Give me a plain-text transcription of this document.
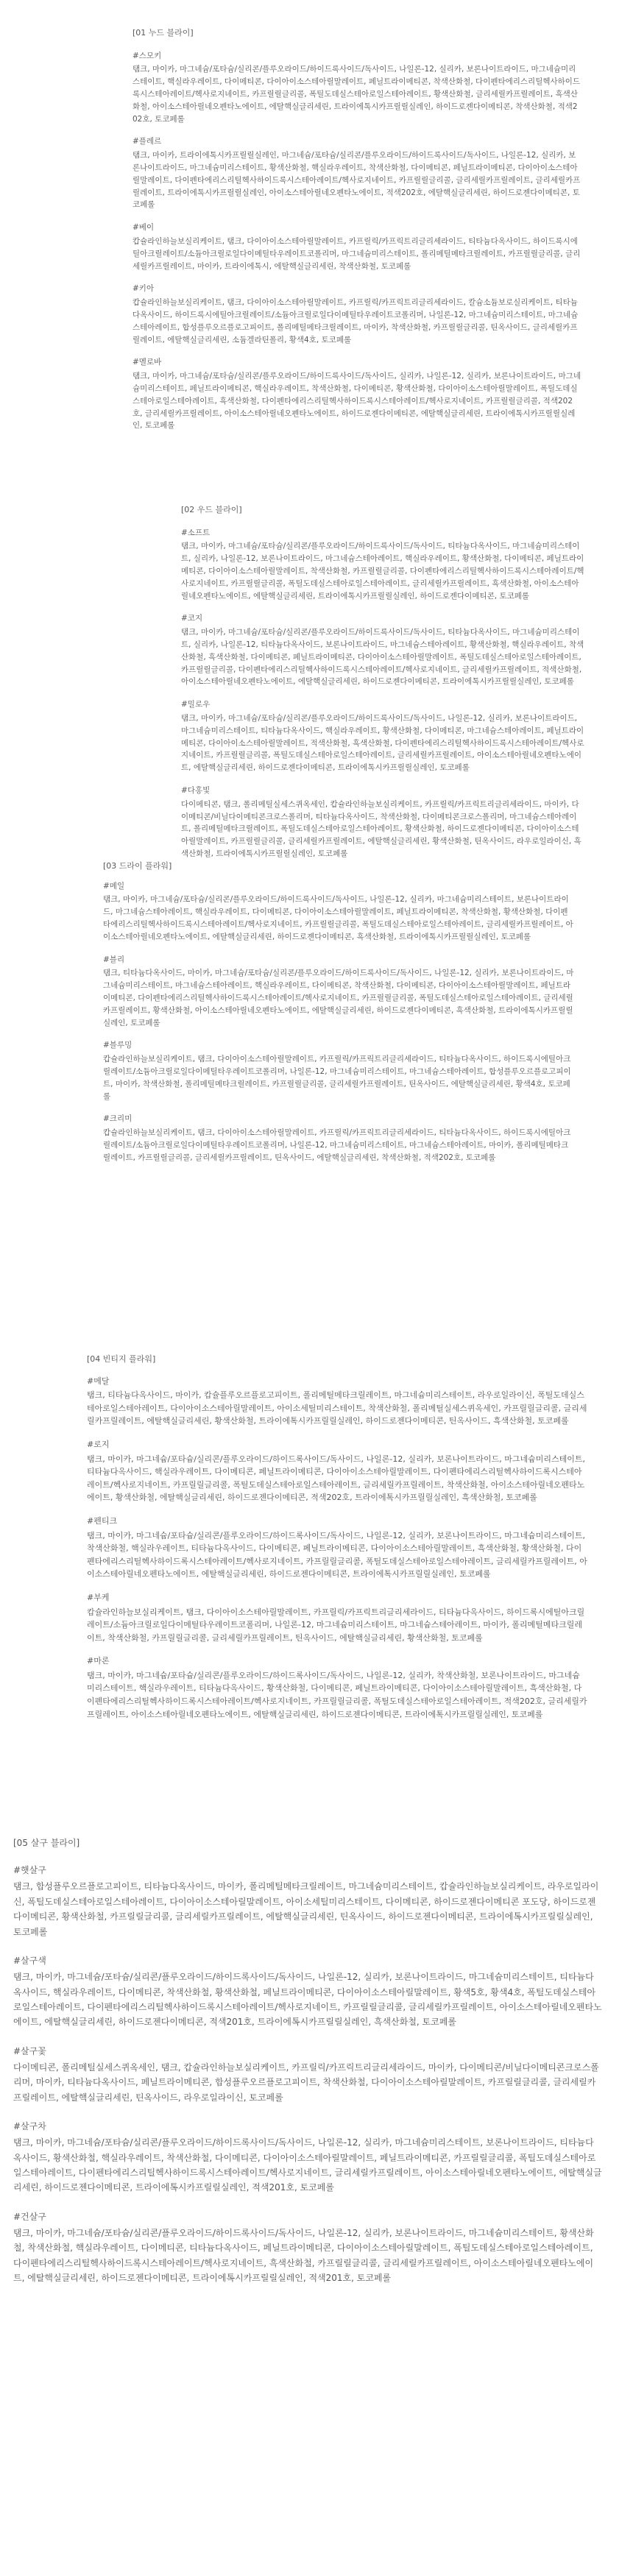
[01 누드 블라이]
#스모키
탬크, 마이카, 마그네슘/포타슘/실리콘/플루오라이드/하이드록사이드/독사이드, 나일론-12, 실리카, 보론나이트라이드, 마그네슘미리스테이트, 핵실라우레이트, 다이메티콘, 다이아이소스테아릴말레이트, 페닐트라이메티콘, 착색산화철, 다이펜타에리스리틸헥사하이드록시스테아레이트/헥사로지네이트, 카프릴릴글리콜, 폭틸도데실스테아로일스테아레이트, 황색산화철, 글리세릴카프릴레이트, 흑색산화철, 아이소스테아릴네오펜타노에이트, 에탈핵실글리세린, 트라이에톡시카프릴릴실레인, 하이드로젠다이메티콘, 착색산화철, 적색202호, 토코페롤
#플레르
탬크, 마이카, 트라이에톡시카프릴릴실레인, 마그네슘/포타슘/실리콘/플루오라이드/하이드록사이드/독사이드, 나일론-12, 실리카, 보론나이트라이드, 마그네슘미리스테이트, 황색산화철, 핵실라우레이트, 착색산화철, 다이메티콘, 페닐트라이메티콘, 다이아이소스테아릴말레이트, 다이펜타에리스리틸헥사하이드록시스테아레이트/헥사로지네이트, 카프릴릴글리콜, 글리세릴카프릴레이트, 글리세릴카프릴레이트, 트라이에톡시카프릴릴실레인, 아이소스테아릴네오펜타노에이트, 적색202호, 에탈핵실글리세린, 하이드로젠다이메티콘, 토코페롤
#베이
캅슐라인하늘보실리케이트, 탬크, 다이아이소스테아릴말레이트, 카프릴릭/카프릭트리글리세라이드, 티타늄다옥사이드, 하이드록시에틸아크릴레이트/소듐아크릴로일다이메틸타우레이트코폴리머, 마그네슘미리스테이트, 폴리메틸메타크릴레이트, 카프릴릴글리콜, 글리세릴카프릴레이트, 마이카, 트라이에톡시, 에탈핵실글리세린, 착색산화철, 토코페롤
#키아
캅슐라인하늘보실리케이트, 탬크, 다이아이소스테아릴말레이트, 카프릴릭/카프릭트리글리세라이드, 칼슘소듐보로실리케이트, 티타늄다옥사이드, 하이드록시에틸아크릴레이트/소듐아크릴로일다이메틸타우레이트코폴리머, 나일론-12, 마그네슘미리스테이트, 마그네슘스테아레이트, 합성플루오르플로고피이트, 폴리메틸메타크릴레이트, 마이카, 착색산화철, 카프릴릴글리콜, 틴옥사이드, 글리세릴카프릴레이트, 에탈핵실글리세린, 소듐겔라틴폴리, 황색4호, 토코페롤
#멜로바
탬크, 마이카, 마그네슘/포타슘/실리콘/플루오라이드/하이드록사이드/독사이드, 실리카, 나일론-12, 실리카, 보론나이트라이드, 마그네슘미리스테이트, 페닐트라이메티콘, 핵실라우레이트, 착색산화철, 다이메티콘, 황색산화철, 다이아이소스테아릴말레이트, 폭틸도데실스테아로일스테아레이트, 흑색산화철, 다이펜타에리스리틸헥사하이드록시스테아레이트/헥사로지네이트, 카프릴릴글리콜, 적색202호, 글리세릴카프릴레이트, 아이소스테아릴네오펜타노에이트, 하이드로젠다이메티콘, 에탈핵실글리세린, 트라이에톡시카프릴릴실레인, 토코페롤
[02 우드 블라이]
#소프트
탬크, 마이카, 마그네슘/포타슘/실리콘/플루오라이드/하이드록사이드/독사이드, 티타늄다옥사이드, 마그네슘미리스테이트, 실리카, 나일론-12, 보론나이트라이드, 마그네슘스테아레이트, 핵실라우레이트, 황색산화철, 다이메티콘, 페닐트라이메티콘, 다이아이소스테아릴말레이트, 착색산화철, 카프릴릴글리콜, 다이펜타에리스리틸헥사하이드록시스테아레이트/헥사로지네이트, 카프릴릴글리콜, 폭틸도데실스테아로일스테아레이트, 글리세릴카프릴레이트, 흑색산화철, 아이소스테아릴네오펜타노에이트, 에탈핵실글리세린, 트라이에톡시카프릴릴실레인, 하이드로젠다이메티콘, 토코페롤
#코지
탬크, 마이카, 마그네슘/포타슘/실리콘/플루오라이드/하이드록사이드/독사이드, 티타늄다옥사이드, 마그네슘미리스테이트, 실리카, 나일론-12, 티타늄다옥사이드, 보론나이트라이드, 마그네슘스테아레이트, 황색산화철, 핵실라우레이트, 착색산화철, 흑색산화철, 다이메티콘, 페닐트라이메티콘, 다이아이소스테아릴말레이트, 폭틸도데실스테아로일스테아레이트, 카프릴릴글리콜, 다이펜타에리스리틸헥사하이드록시스테아레이트/헥사로지네이트, 글리세릴카프릴레이트, 적색산화철, 아이소스테아릴네오펜타노에이트, 에탈핵실글리세린, 하이드로젠다이메티콘, 트라이에톡시카프릴릴실레인, 토코페롤
#밀로우
탬크, 마이카, 마그네슘/포타슘/실리콘/플루오라이드/하이드록사이드/독사이드, 나일론-12, 실리카, 보론나이트라이드, 마그네슘미리스테이트, 티타늄다옥사이드, 핵실라우레이트, 황색산화철, 다이메티콘, 마그네슘스테아레이트, 페닐트라이메티콘, 다이아이소스테아릴말레이트, 적색산화철, 흑색산화철, 다이펜타에리스리틸헥사하이드록시스테아레이트/헥사로지네이트, 카프릴릴글리콜, 폭틸도데실스테아로일스테아레이트, 글리세릴카프릴레이트, 아이소스테아릴네오펜타노에이트, 에탈핵실글리세린, 하이드로젠다이메티콘, 트라이에톡시카프릴릴실레인, 토코페롤
#다홍빛
다이메티콘, 탬크, 폴리메틸실세스퀴옥세인, 캅슐라인하늘보실리케이트, 카프릴릭/카프릭트리글리세라이드, 마이카, 다이메티콘/비닐다이메티콘크로스폴리머, 티타늄다옥사이드, 착색산화철, 다이메티콘크로스폴리머, 마그네슘스테아레이트, 폴리메틸메타크릴레이트, 폭틸도데실스테아로일스테아레이트, 황색산화철, 하이드로젠다이메티콘, 다이아이소스테아릴말레이트, 카프릴릴글리콜, 글리세릴카프릴레이트, 에탈핵실글리세린, 황색산화철, 틴옥사이드, 라우로일라이신, 흑색산화철, 트라이에톡시카프릴릴실레인, 토코페롤
[03 드라이 플라워]
#메일
탬크, 마이카, 마그네슘/포타슘/실리콘/플루오라이드/하이드록사이드/독사이드, 나일론-12, 실리카, 마그네슘미리스테이트, 보론나이트라이드, 마그네슘스테아레이트, 핵실라우레이트, 다이메티콘, 다이아이소스테아릴말레이트, 페닐트라이메티콘, 착색산화철, 황색산화철, 다이펜타에리스리틸헥사하이드록시스테아레이트/헥사로지네이트, 카프릴릴글리콜, 폭틸도데실스테아로일스테아레이트, 글리세릴카프릴레이트, 아이소스테아릴네오펜타노에이트, 에탈핵실글리세린, 하이드로젠다이메티콘, 흑색산화철, 트라이에톡시카프릴릴실레인, 토코페롤
#블리
탬크, 티타늄다옥사이드, 마이카, 마그네슘/포타슘/실리콘/플루오라이드/하이드록사이드/독사이드, 나일론-12, 실리카, 보론나이트라이드, 마그네슘미리스테이트, 마그네슘스테아레이트, 핵실라우레이트, 다이메티콘, 착색산화철, 다이메티콘, 다이아이소스테아릴말레이트, 페닐트라이메티콘, 다이펜타에리스리틸헥사하이드록시스테아레이트/헥사로지네이트, 카프릴릴글리콜, 폭틸도데실스테아로일스테아레이트, 글리세릴카프릴레이트, 황색산화철, 아이소스테아릴네오펜타노에이트, 에탈핵실글리세린, 하이드로젠다이메티콘, 흑색산화철, 트라이에톡시카프릴릴실레인, 토코페롤
#블루밍
캅슐라인하늘보실리케이트, 탬크, 다이아이소스테아릴말레이트, 카프릴릭/카프릭트리글리세라이드, 티타늄다옥사이드, 하이드록시에틸아크릴레이트/소듐아크릴로일다이메틸타우레이트코폴리머, 나일론-12, 마그네슘미리스테이트, 마그네슘스테아레이트, 합성플루오르플로고피이트, 마이카, 착색산화철, 폴리메틸메타크릴레이트, 카프릴릴글리콜, 글리세릴카프릴레이트, 틴옥사이드, 에탈핵실글리세린, 황색4호, 토코페롤
#크리미
캅슐라인하늘보실리케이트, 탬크, 다이아이소스테아릴말레이트, 카프릴릭/카프릭트리글리세라이드, 티타늄다옥사이드, 하이드록시에틸아크릴레이트/소듐아크릴로일다이메틸타우레이트코폴리머, 나일론-12, 마그네슘미리스테이트, 마그네슘스테아레이트, 마이카, 폴리메틸메타크릴레이트, 카프릴릴글리콜, 글리세릴카프릴레이트, 틴옥사이드, 에탈핵실글리세린, 착색산화철, 적색202호, 토코페롤
[04 빈티지 플라워]
#메달
탬크, 티타늄다옥사이드, 마이카, 캅슐플루오르플로고피이트, 폴리메틸메타크릴레이트, 마그네슘미리스테이트, 라우로일라이신, 폭틸도데실스테아로일스테아레이트, 다이아이소스테아릴말레이트, 아이소세틸미리스테이트, 착색산화철, 폴리메틸실세스퀴옥세인, 카프릴릴글리콜, 글리세릴카프릴레이트, 에탈핵실글리세린, 황색산화철, 트라이에톡시카프릴릴실레인, 하이드로젠다이메티콘, 틴옥사이드, 흑색산화철, 토코페롤
#로지
탬크, 마이카, 마그네슘/포타슘/실리콘/플루오라이드/하이드록사이드/독사이드, 나일론-12, 실리카, 보론나이트라이드, 마그네슘미리스테이트, 티타늄다옥사이드, 핵실라우레이트, 다이메티콘, 페닐트라이메티콘, 다이아이소스테아릴말레이트, 다이펜타에리스리틸헥사하이드록시스테아레이트/헥사로지네이트, 카프릴릴글리콜, 폭틸도데실스테아로일스테아레이트, 글리세릴카프릴레이트, 착색산화철, 아이소스테아릴네오펜타노에이트, 황색산화철, 에탈핵실글리세린, 하이드로젠다이메티콘, 적색202호, 트라이에톡시카프릴릴실레인, 흑색산화철, 토코페롤
#펜티크
탬크, 마이카, 마그네슘/포타슘/실리콘/플루오라이드/하이드록사이드/독사이드, 나일론-12, 실리카, 보론나이트라이드, 마그네슘미리스테이트, 착색산화철, 핵실라우레이트, 티타늄다옥사이드, 다이메티콘, 페닐트라이메티콘, 다이아이소스테아릴말레이트, 흑색산화철, 황색산화철, 다이펜타에리스리틸헥사하이드록시스테아레이트/헥사로지네이트, 카프릴릴글리콜, 폭틸도데실스테아로일스테아레이트, 글리세릴카프릴레이트, 아이소스테아릴네오펜타노에이트, 에탈핵실글리세린, 하이드로젠다이메티콘, 트라이에톡시카프릴릴실레인, 토코페롤
#부케
캅슐라인하늘보실리케이트, 탬크, 다이아이소스테아릴말레이트, 카프릴릭/카프릭트리글리세라이드, 티타늄다옥사이드, 하이드록시에틸아크릴레이트/소듐아크릴로일다이메틸타우레이트코폴리머, 나일론-12, 마그네슘미리스테이트, 마그네슘스테아레이트, 마이카, 폴리메틸메타크릴레이트, 착색산화철, 카프릴릴글리콜, 글리세릴카프릴레이트, 틴옥사이드, 에탈핵실글리세린, 황색산화철, 토코페롤
#마론
탬크, 마이카, 마그네슘/포타슘/실리콘/플루오라이드/하이드록사이드/독사이드, 나일론-12, 실리카, 착색산화철, 보론나이트라이드, 마그네슘미리스테이트, 핵실라우레이트, 티타늄다옥사이드, 황색산화철, 다이메티콘, 페닐트라이메티콘, 다이아이소스테아릴말레이트, 흑색산화철, 다이펜타에리스리틸헥사하이드록시스테아레이트/헥사로지네이트, 카프릴릴글리콜, 폭틸도데실스테아로일스테아레이트, 적색202호, 글리세릴카프릴레이트, 아이소스테아릴네오펜타노에이트, 에탈핵실글리세린, 하이드로젠다이메티콘, 트라이에톡시카프릴릴실레인, 토코페롤
[05 살구 블라이]
#햇살구
탬크, 합성플루오르플로고피이트, 티타늄다옥사이드, 마이카, 폴리메틸메타크릴레이트, 마그네슘미리스테이트, 캅슐라인하늘보실리케이트, 라우로일라이신, 폭틸도데실스테아로일스테아레이트, 다이아이소스테아릴말레이트, 아이소세틸미리스테이트, 다이메티콘, 하이드로젠다이메티콘 포도당, 하이드로젠다이메티콘, 황색산화철, 카프릴릴글리콜, 글리세릴카프릴레이트, 에탈핵실글리세린, 틴옥사이드, 하이드로젠다이메티콘, 트라이에톡시카프릴릴실레인, 토코페롤
#살구색
탬크, 마이카, 마그네슘/포타슘/실리콘/플루오라이드/하이드록사이드/독사이드, 나일론-12, 실리카, 보론나이트라이드, 마그네슘미리스테이트, 티타늄다옥사이드, 핵실라우레이트, 다이메티콘, 착색산화철, 황색산화철, 페닐트라이메티콘, 다이아이소스테아릴말레이트, 황색5호, 황색4호, 폭틸도데실스테아로일스테아레이트, 다이펜타에리스리틸헥사하이드록시스테아레이트/헥사로지네이트, 카프릴릴글리콜, 글리세릴카프릴레이트, 아이소스테아릴네오펜타노에이트, 에탈핵실글리세린, 하이드로젠다이메티콘, 적색201호, 트라이에톡시카프릴릴실레인, 흑색산화철, 토코페롤
#살구꽃
다이메티콘, 폴리메틸실세스퀴옥세인, 탬크, 캅슐라인하늘보실리케이트, 카프릴릭/카프릭트리글리세라이드, 마이카, 다이메티콘/비닐다이메티콘크로스폴리머, 마이카, 티타늄다옥사이드, 페닐트라이메티콘, 합성플루오르플로고피이트, 착색산화철, 다이아이소스테아릴말레이트, 카프릴릴글리콜, 글리세릴카프릴레이트, 에탈핵실글리세린, 틴옥사이드, 라우로일라이신, 토코페롤
#살구차
탬크, 마이카, 마그네슘/포타슘/실리콘/플루오라이드/하이드록사이드/독사이드, 나일론-12, 실리카, 마그네슘미리스테이트, 보론나이트라이드, 티타늄다옥사이드, 황색산화철, 핵실라우레이트, 착색산화철, 다이메티콘, 다이아이소스테아릴말레이트, 페닐트라이메티콘, 카프릴릴글리콜, 폭틸도데실스테아로일스테아레이트, 다이펜타에리스리틸헥사하이드록시스테아레이트/헥사로지네이트, 글리세릴카프릴레이트, 아이소스테아릴네오펜타노에이트, 에탈핵실글리세린, 하이드로젠다이메티콘, 트라이에톡시카프릴릴실레인, 적색201호, 토코페롤
#건살구
탬크, 마이카, 마그네슘/포타슘/실리콘/플루오라이드/하이드록사이드/독사이드, 나일론-12, 실리카, 보론나이트라이드, 마그네슘미리스테이트, 황색산화철, 착색산화철, 핵실라우레이트, 다이메티콘, 티타늄다옥사이드, 페닐트라이메티콘, 다이아이소스테아릴말레이트, 폭틸도데실스테아로일스테아레이트, 다이펜타에리스리틸헥사하이드록시스테아레이트/헥사로지네이트, 흑색산화철, 카프릴릴글리콜, 글리세릴카프릴레이트, 아이소스테아릴네오펜타노에이트, 에탈핵실글리세린, 하이드로젠다이메티콘, 트라이에톡시카프릴릴실레인, 적색201호, 토코페롤
